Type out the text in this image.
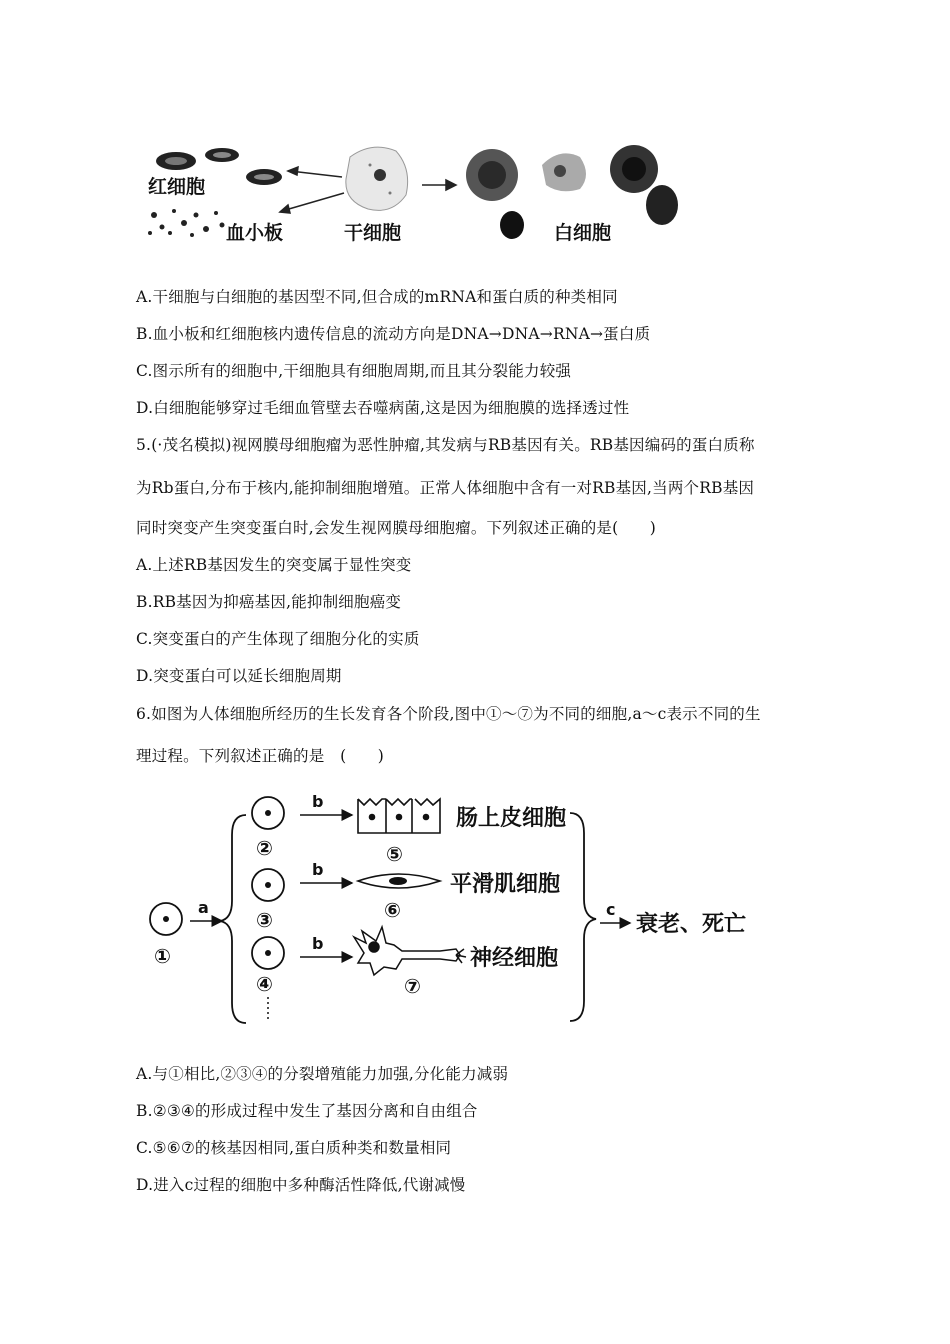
红细胞
血小板	干细胞	白细胞
A.干细胞与白细胞的基因型不同,但合成的mRNA和蛋白质的种类相同
B.血小板和红细胞核内遗传信息的流动方向是DNA→DNA→RNA→蛋白质
C.图示所有的细胞中,干细胞具有细胞周期,而且其分裂能力较强
D.白细胞能够穿过毛细血管壁去吞噬病菌,这是因为细胞膜的选择透过性
5.(·茂名模拟)视网膜母细胞瘤为恶性肿瘤,其发病与RB基因有关。RB基因编码的蛋白质称
为Rb蛋白,分布于核内,能抑制细胞增殖。正常人体细胞中含有一对RB基因,当两个RB基因
同时突变产生突变蛋白时,会发生视网膜母细胞瘤。下列叙述正确的是(　　)
A.上述RB基因发生的突变属于显性突变
B.RB基因为抑癌基因,能抑制细胞癌变
C.突变蛋白的产生体现了细胞分化的实质
D.突变蛋白可以延长细胞周期
6.如图为人体细胞所经历的生长发育各个阶段,图中①～⑦为不同的细胞,a～c表示不同的生
理过程。下列叙述正确的是　(　　)
①
a
②
b
⑤
肠上皮细胞
③
b
⑥
平滑肌细胞
④
b
⑦
神经细胞
c
衰老、死亡
A.与①相比,②③④的分裂增殖能力加强,分化能力减弱
B.②③④的形成过程中发生了基因分离和自由组合
C.⑤⑥⑦的核基因相同,蛋白质种类和数量相同
D.进入c过程的细胞中多种酶活性降低,代谢减慢
